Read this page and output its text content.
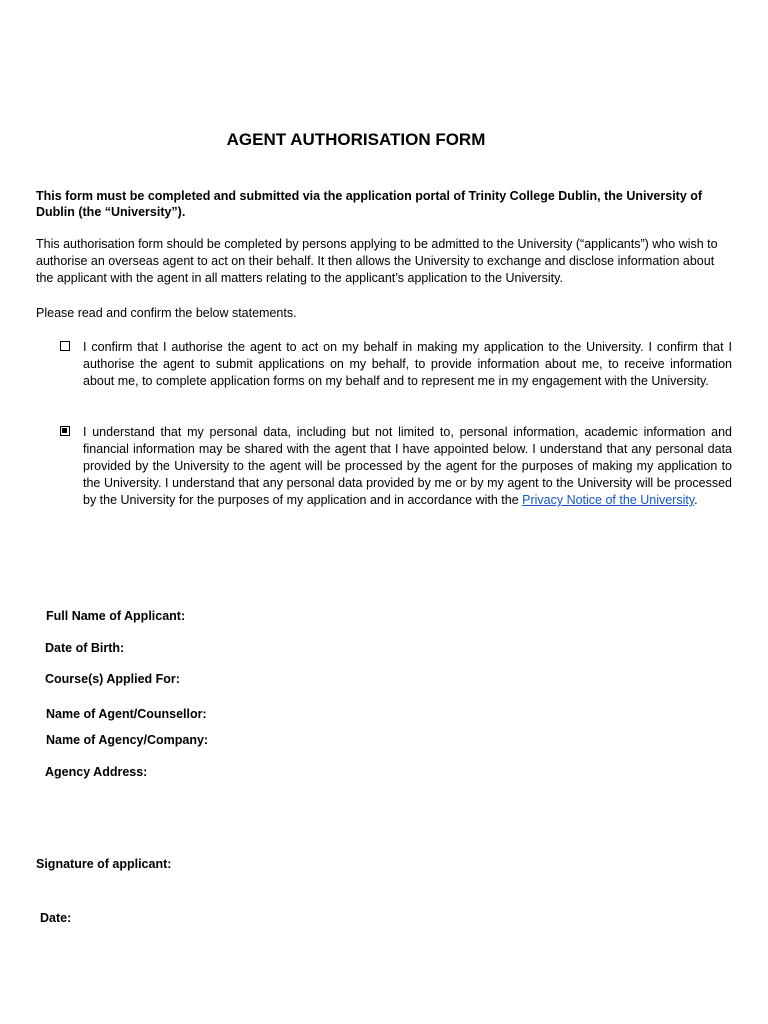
AGENT AUTHORISATION FORM

This form must be completed and submitted via the application portal of Trinity College Dublin, the University of Dublin (the “University”).

This authorisation form should be completed by persons applying to be admitted to the University (“applicants”) who wish to authorise an overseas agent to act on their behalf. It then allows the University to exchange and disclose information about the applicant with the agent in all matters relating to the applicant’s application to the University.

Please read and confirm the below statements.

I confirm that I authorise the agent to act on my behalf in making my application to the University. I confirm that I authorise the agent to submit applications on my behalf, to provide information about me, to receive information about me, to complete application forms on my behalf and to represent me in my engagement with the University.
I understand that my personal data, including but not limited to, personal information, academic information and financial information may be shared with the agent that I have appointed below. I understand that any personal data provided by the University to the agent will be processed by the agent for the purposes of making my application to the University. I understand that any personal data provided by me or by my agent to the University will be processed by the University for the purposes of my application and in accordance with the Privacy Notice of the University.

Full Name of Applicant:

Date of Birth:

Course(s) Applied For:

Name of Agent/Counsellor:

Name of Agency/Company:

Agency Address:

Signature of applicant:

Date:
